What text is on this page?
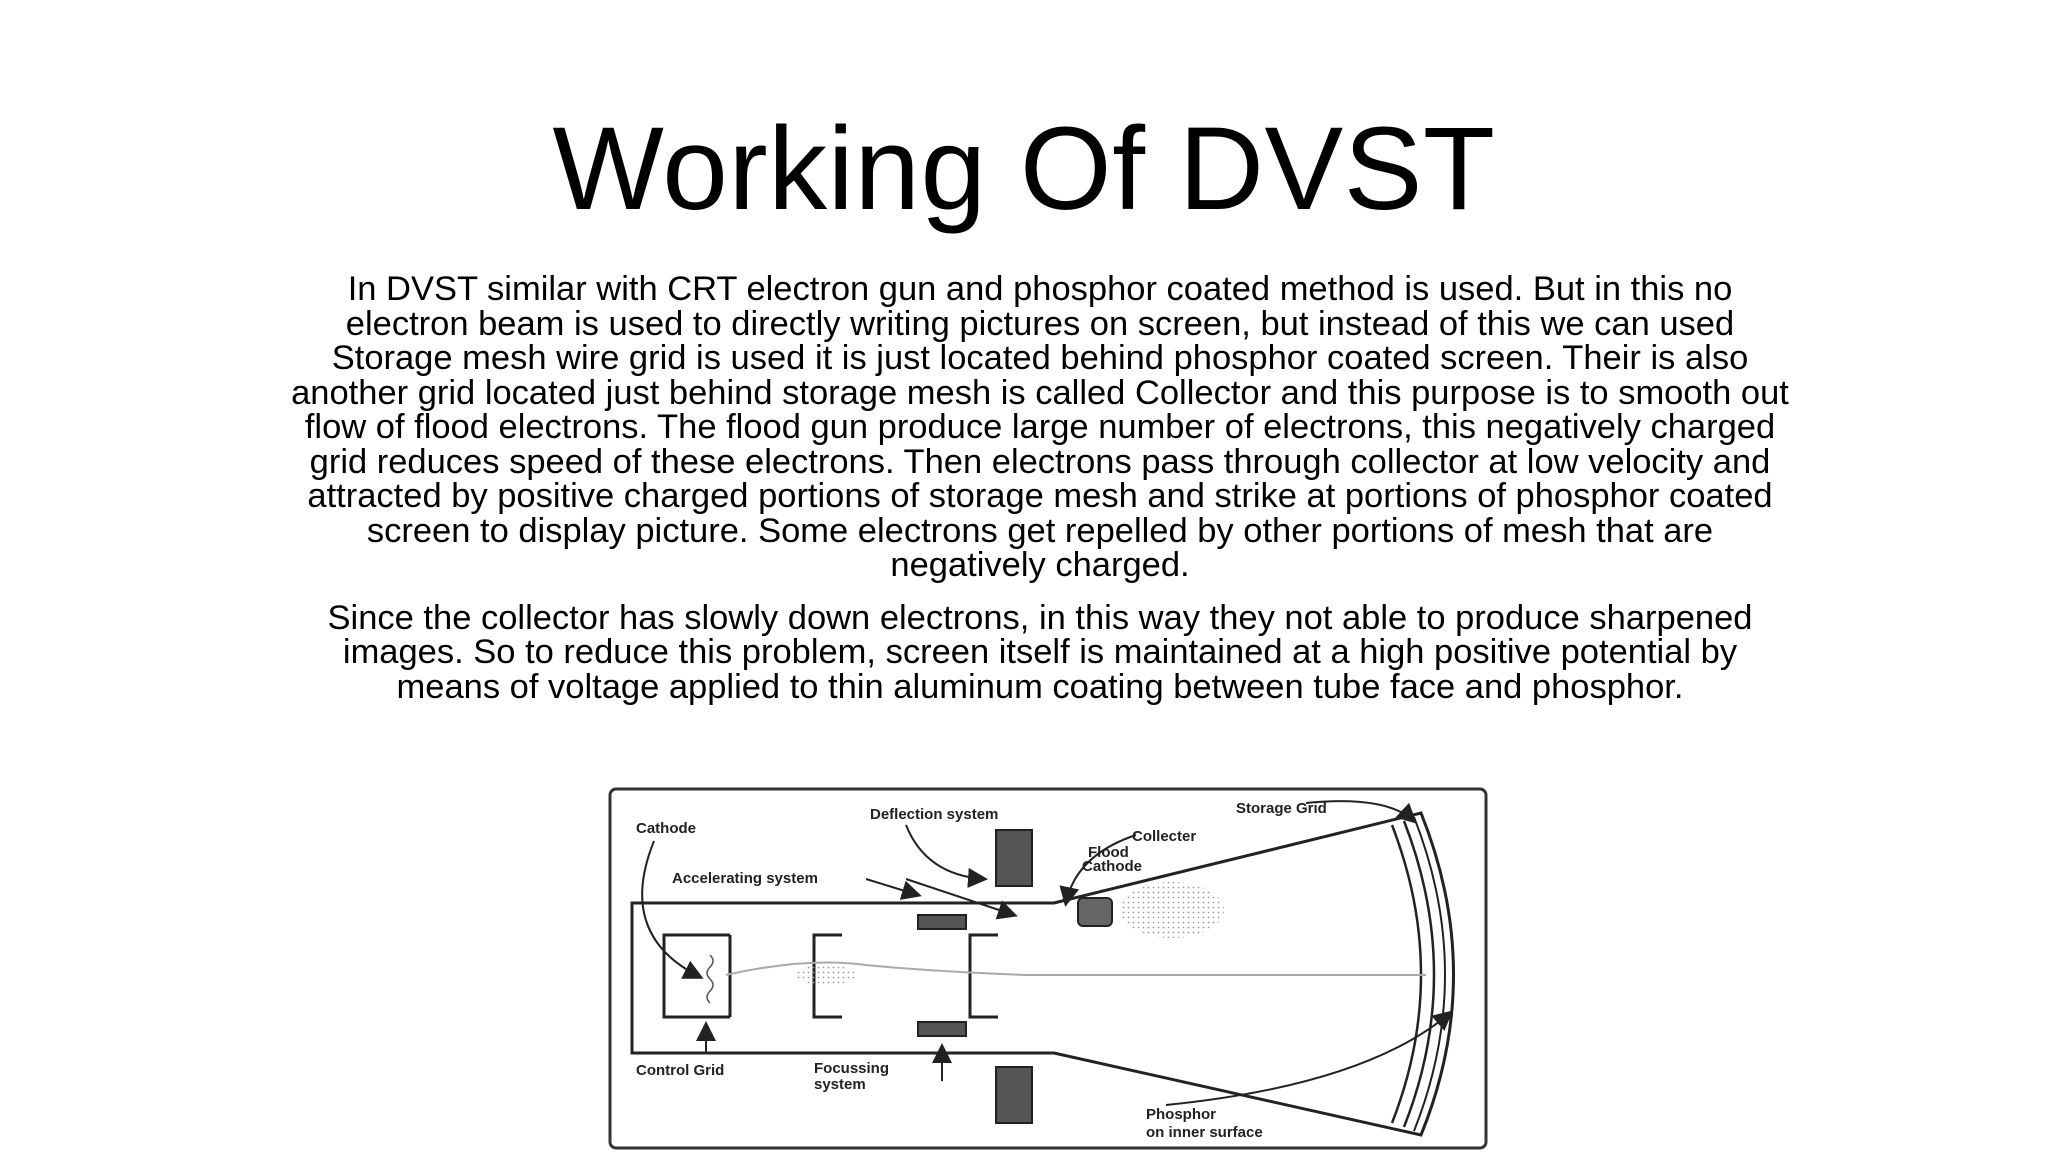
Working Of DVST

In DVST similar with CRT electron gun and phosphor coated method is used. But in this no electron beam is used to directly writing pictures on screen, but instead of this we can used Storage mesh wire grid is used it is just located behind phosphor coated screen. Their is also another grid located just behind storage mesh is called Collector and this purpose is to smooth out flow of flood electrons. The flood gun produce large number of electrons, this negatively charged grid reduces speed of these electrons. Then electrons pass through collector at low velocity and attracted by positive charged portions of storage mesh and strike at portions of phosphor coated screen to display picture. Some electrons get repelled by other portions of mesh that are negatively charged.

Since the collector has slowly down electrons, in this way they not able to produce sharpened images. So to reduce this problem, screen itself is maintained at a high positive potential by means of voltage applied to thin aluminum coating between tube face and phosphor.

Cathode
Deflection system	Storage Grid
Collecter
Flood
Cathode
Accelerating system
Control Grid	Focussing
system
Phosphor
on inner surface
